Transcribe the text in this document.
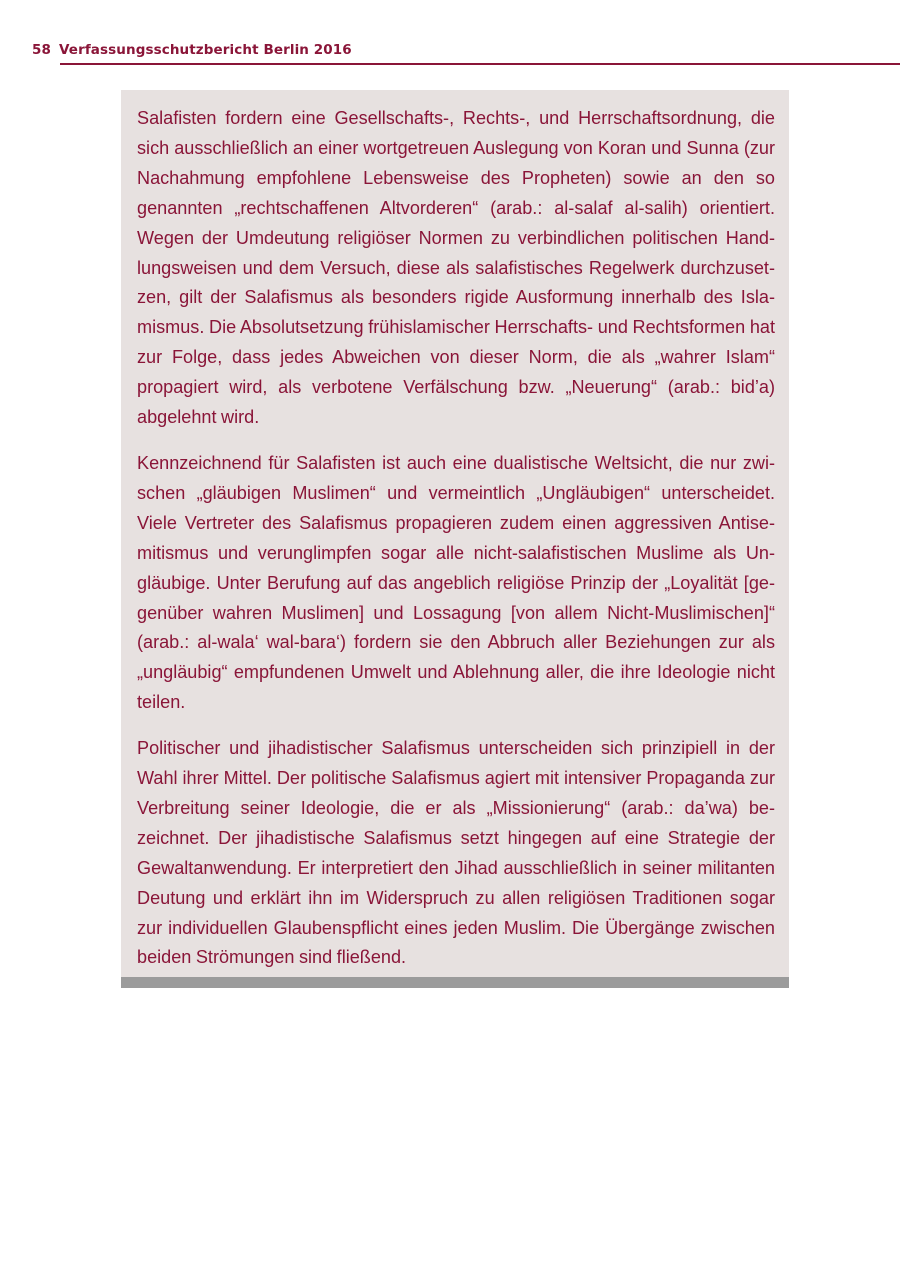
58 Verfassungsschutzbericht Berlin 2016

Salafisten fordern eine Gesellschafts-, Rechts-, und Herrschaftsordnung, die sich ausschließlich an einer wortgetreuen Auslegung von Koran und Sunna (zur Nachahmung empfohlene Lebensweise des Propheten) sowie an den so genannten „rechtschaffenen Altvorderen“ (arab.: al-salaf al-salih) orientiert. Wegen der Umdeutung religiöser Normen zu verbindlichen politischen Handlungsweisen und dem Versuch, diese als salafistisches Regelwerk durchzusetzen, gilt der Salafismus als besonders rigide Ausformung innerhalb des Islamismus. Die Absolutsetzung frühislamischer Herrschafts- und Rechtsformen hat zur Folge, dass jedes Abweichen von dieser Norm, die als „wahrer Islam“ propagiert wird, als verbotene Verfälschung bzw. „Neuerung“ (arab.: bid’a) abgelehnt wird.

Kennzeichnend für Salafisten ist auch eine dualistische Weltsicht, die nur zwischen „gläubigen Muslimen“ und vermeintlich „Ungläubigen“ unterscheidet. Viele Vertreter des Salafismus propagieren zudem einen aggressiven Antisemitismus und verunglimpfen sogar alle nicht-salafistischen Muslime als Ungläubige. Unter Berufung auf das angeblich religiöse Prinzip der „Loyalität [gegenüber wahren Muslimen] und Lossagung [von allem Nicht-Muslimischen]“ (arab.: al-wala‘ wal-bara‘) fordern sie den Abbruch aller Beziehungen zur als „ungläubig“ empfundenen Umwelt und Ablehnung aller, die ihre Ideologie nicht teilen.

Politischer und jihadistischer Salafismus unterscheiden sich prinzipiell in der Wahl ihrer Mittel. Der politische Salafismus agiert mit intensiver Propaganda zur Verbreitung seiner Ideologie, die er als „Missionierung“ (arab.: da’wa) bezeichnet. Der jihadistische Salafismus setzt hingegen auf eine Strategie der Gewaltanwendung. Er interpretiert den Jihad ausschließlich in seiner militanten Deutung und erklärt ihn im Widerspruch zu allen religiösen Traditionen sogar zur individuellen Glaubenspflicht eines jeden Muslim. Die Übergänge zwischen beiden Strömungen sind fließend.
